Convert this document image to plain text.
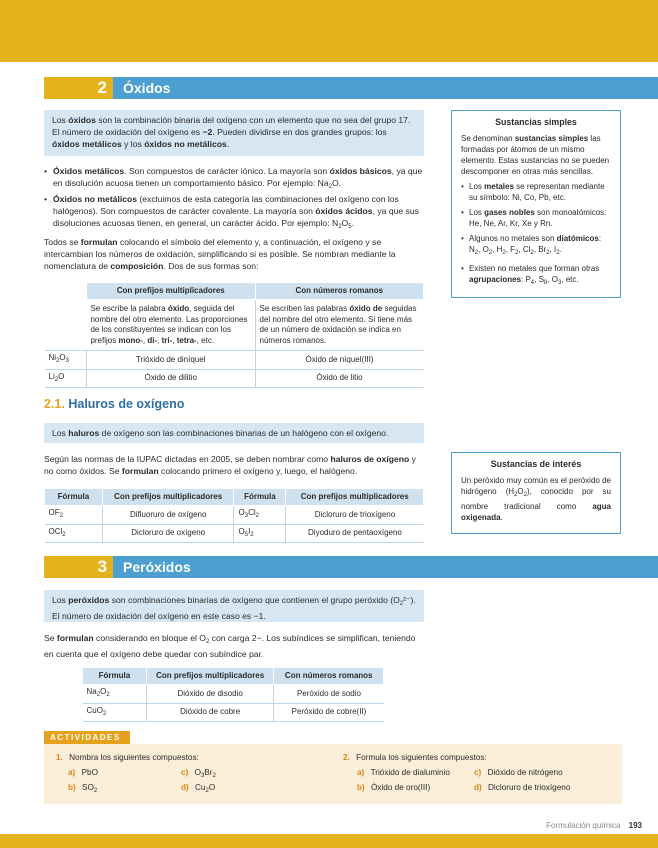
2	Óxidos
Los óxidos son la combinación binaria del oxígeno con un elemento que no sea del grupo 17. El número de oxidación del oxígeno es −2. Pueden dividirse en dos grandes grupos: los óxidos metálicos y los óxidos no metálicos.
Sustancias simples

Se denominan sustancias simples las formadas por átomos de un mismo elemento. Estas sustancias no se pueden descomponer en otras más sencillas.

• Los metales se representan mediante su símbolo: Ni, Co, Pb, etc.
• Los gases nobles son monoatómicos: He, Ne, Ar, Kr, Xe y Rn.
• Algunos no metales son diatómicos: $N_2$, $O_2$, $H_2$, $F_2$, $Cl_2$, $Br_2$, $I_2$.
• Existen no metales que forman otras agrupaciones: $P_4$, $S_8$, $O_3$, etc.
• Óxidos metálicos. Son compuestos de carácter iónico. La mayoría son óxidos básicos, ya que en disolución acuosa tienen un comportamiento básico. Por ejemplo: $Na_2O$.
• Óxidos no metálicos (excluimos de esta categoría las combinaciones del oxígeno con los halógenos). Son compuestos de carácter covalente. La mayoría son óxidos ácidos, ya que sus disoluciones acuosas tienen, en general, un carácter ácido. Por ejemplo: $N_2O_5$.
Todos se formulan colocando el símbolo del elemento y, a continuación, el oxígeno y se intercambian los números de oxidación, simplificando si es posible. Se nombran mediante la nomenclatura de composición. Dos de sus formas son:
	Con prefijos multiplicadores	Con números romanos
	Se escribe la palabra óxido, seguida del nombre del otro elemento. Las proporciones de los constituyentes se indican con los prefijos mono-, di-, tri-, tetra-, etc.	Se escriben las palabras óxido de seguidas del nombre del otro elemento. Si tiene más de un número de oxidación se indica en números romanos.
$Ni_2O_3$	Trióxido de diníquel	Óxido de níquel(III)
$Li_2O$	Óxido de dilitio	Óxido de litio
2.1. Haluros de oxígeno
Los haluros de oxígeno son las combinaciones binarias de un halógeno con el oxígeno.
Según las normas de la IUPAC dictadas en 2005, se deben nombrar como haluros de oxígeno y no como óxidos. Se formulan colocando primero el oxígeno y, luego, el halógeno.
Sustancias de interés

Un peróxido muy común es el peróxido de hidrógeno $(H_2O_2)$, conocido por su nombre tradicional como agua oxigenada.

Fórmula	Con prefijos multiplicadores	Fórmula	Con prefijos multiplicadores
$OF_2$	Difluoruro de oxígeno	$O_3Cl_2$	Dicloruro de trioxígeno
OCl$_2$	Dicloruro de oxígeno	$O_5I_2$	Diyoduro de pentaoxígeno
3	Peróxidos
Los peróxidos son combinaciones binarias de oxígeno que contienen el grupo peróxido $(O_2^{2-})$. El número de oxidación del oxígeno en este caso es −1.
Se formulan considerando en bloque el $O_2$ con carga 2−. Los subíndices se simplifican, teniendo en cuenta que el oxígeno debe quedar con subíndice par.
Fórmula	Con prefijos multiplicadores	Con números romanos
$Na_2O_2$	Dióxido de disodio	Peróxido de sodio
CuO$_2$	Dióxido de cobre	Peróxido de cobre(II)
ACTIVIDADES
1. Nombra los siguientes compuestos:
a) PbO	c) $O_3Br_2$
b) $SO_2$	d) $Cu_2O$
2. Formula los siguientes compuestos:
a) Trióxido de dialuminio	c) Dióxido de nitrógeno
b) Óxido de oro(III)	d) Dicloruro de trioxígeno
Formulación química 193
